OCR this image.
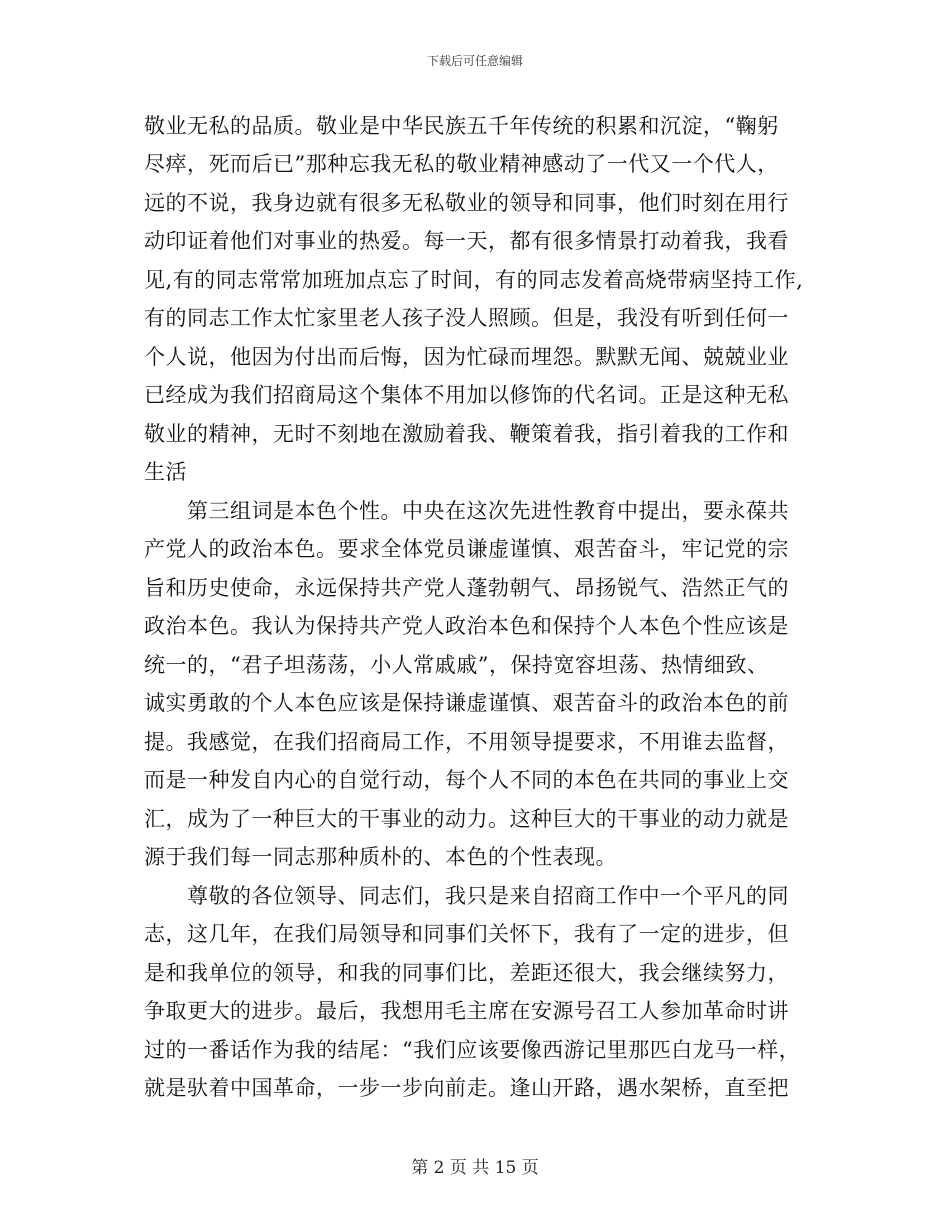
下载后可任意编辑
敬业无私的品质。敬业是中华民族五千年传统的积累和沉淀，“鞠躬
尽瘁，死而后已”那种忘我无私的敬业精神感动了一代又一个代人，
远的不说，我身边就有很多无私敬业的领导和同事，他们时刻在用行
动印证着他们对事业的热爱。每一天，都有很多情景打动着我，我看
见,有的同志常常加班加点忘了时间，有的同志发着高烧带病坚持工作,
有的同志工作太忙家里老人孩子没人照顾。但是，我没有听到任何一
个人说，他因为付出而后悔，因为忙碌而埋怨。默默无闻、兢兢业业
已经成为我们招商局这个集体不用加以修饰的代名词。正是这种无私
敬业的精神，无时不刻地在激励着我、鞭策着我，指引着我的工作和
生活
　　第三组词是本色个性。中央在这次先进性教育中提出，要永葆共
产党人的政治本色。要求全体党员谦虚谨慎、艰苦奋斗，牢记党的宗
旨和历史使命，永远保持共产党人蓬勃朝气、昂扬锐气、浩然正气的
政治本色。我认为保持共产党人政治本色和保持个人本色个性应该是
统一的，“君子坦荡荡，小人常戚戚”，保持宽容坦荡、热情细致、
诚实勇敢的个人本色应该是保持谦虚谨慎、艰苦奋斗的政治本色的前
提。我感觉，在我们招商局工作，不用领导提要求，不用谁去监督，
而是一种发自内心的自觉行动，每个人不同的本色在共同的事业上交
汇，成为了一种巨大的干事业的动力。这种巨大的干事业的动力就是
源于我们每一同志那种质朴的、本色的个性表现。
　　尊敬的各位领导、同志们，我只是来自招商工作中一个平凡的同
志，这几年，在我们局领导和同事们关怀下，我有了一定的进步，但
是和我单位的领导，和我的同事们比，差距还很大，我会继续努力，
争取更大的进步。最后，我想用毛主席在安源号召工人参加革命时讲
过的一番话作为我的结尾：“我们应该要像西游记里那匹白龙马一样，
就是驮着中国革命，一步一步向前走。逢山开路，遇水架桥，直至把
第 2 页 共 15 页
